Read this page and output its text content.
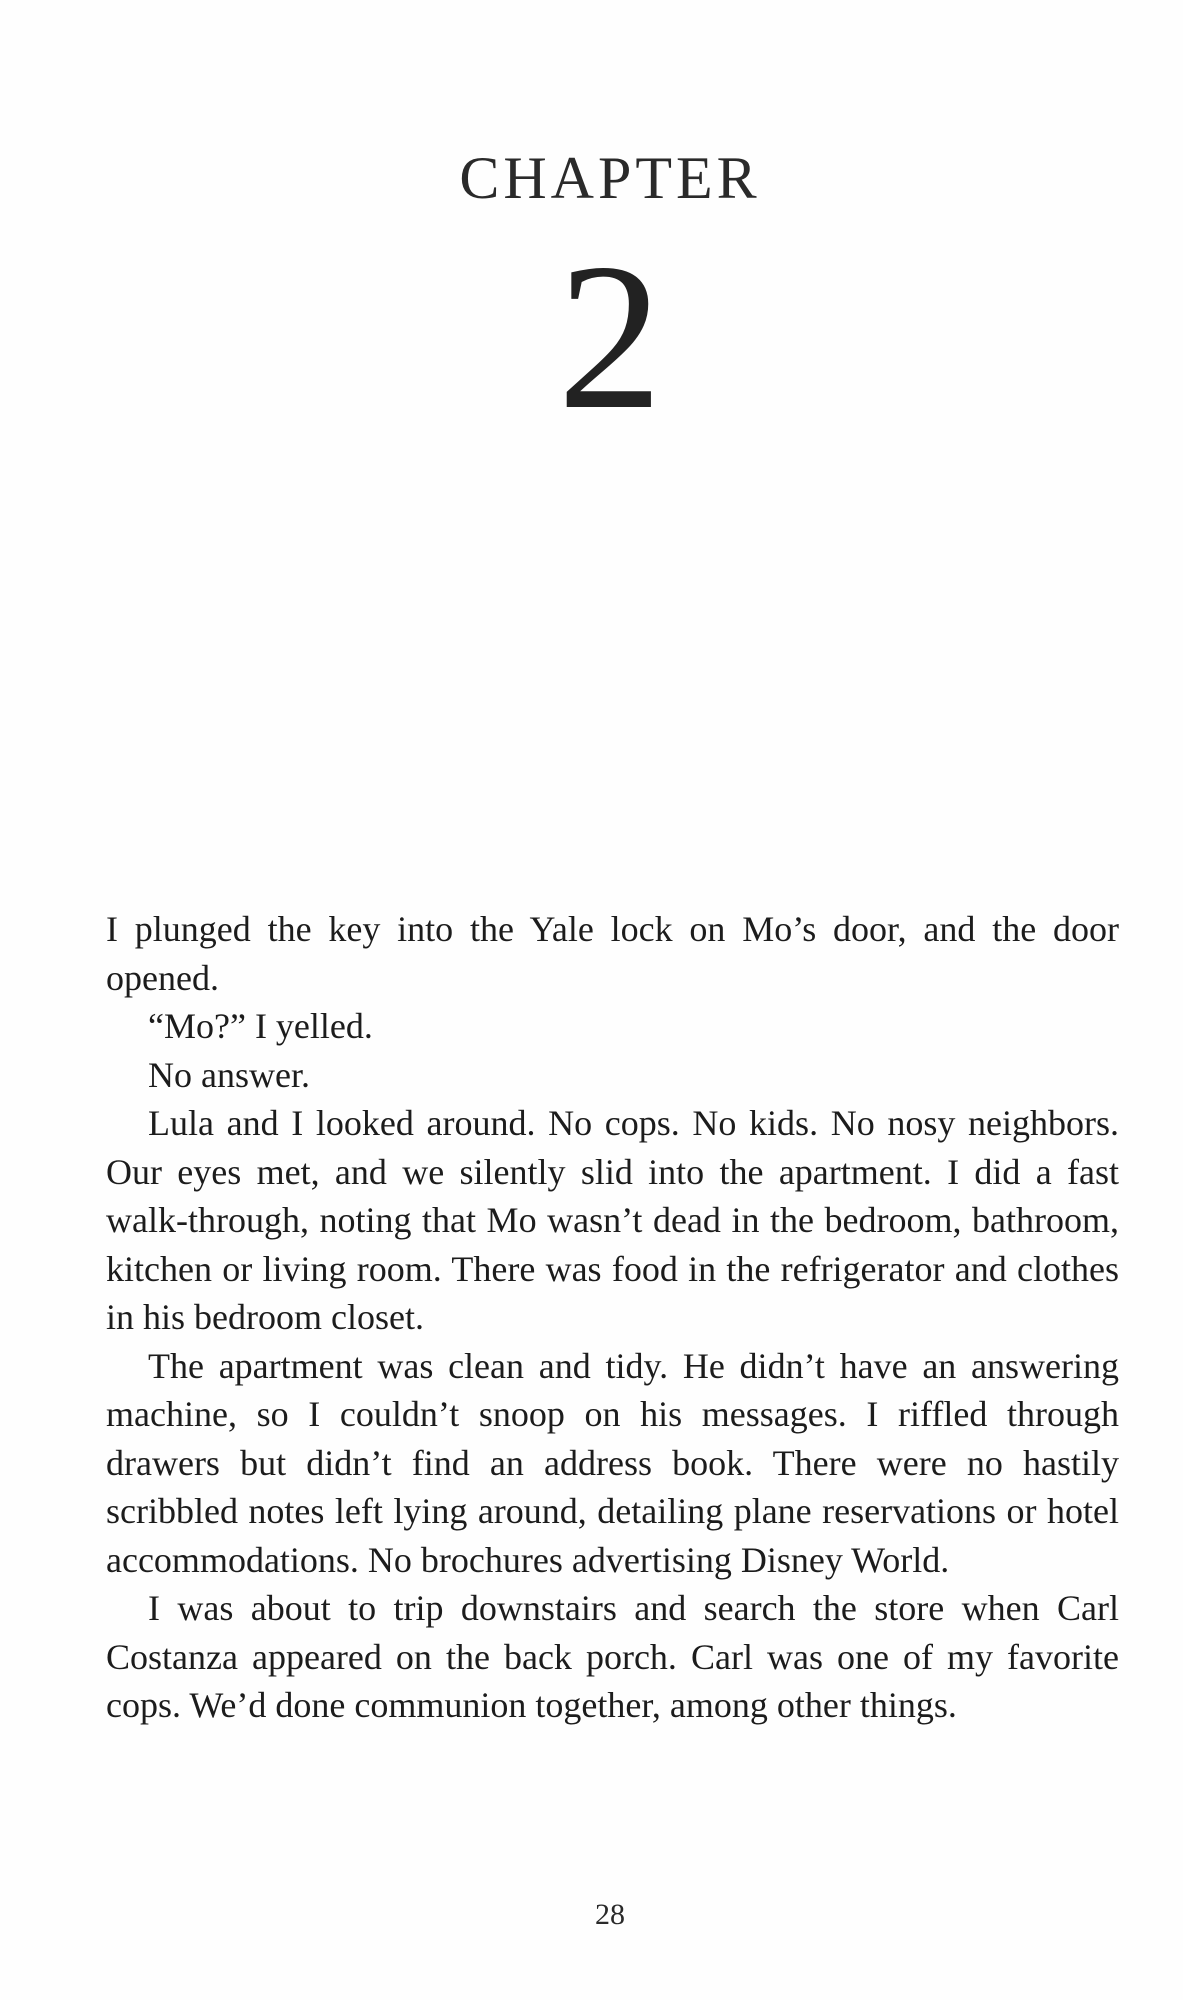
CHAPTER
2

I plunged the key into the Yale lock on Mo’s door, and the door opened.

“Mo?” I yelled.

No answer.

Lula and I looked around. No cops. No kids. No nosy neighbors. Our eyes met, and we silently slid into the apartment. I did a fast walk-through, noting that Mo wasn’t dead in the bedroom, bathroom, kitchen or living room. There was food in the refrigerator and clothes in his bedroom closet.

The apartment was clean and tidy. He didn’t have an answering machine, so I couldn’t snoop on his messages. I riffled through drawers but didn’t find an address book. There were no hastily scribbled notes left lying around, detailing plane reservations or hotel accommodations. No brochures advertising Disney World.

I was about to trip downstairs and search the store when Carl Costanza appeared on the back porch. Carl was one of my favorite cops. We’d done communion together, among other things.

28
